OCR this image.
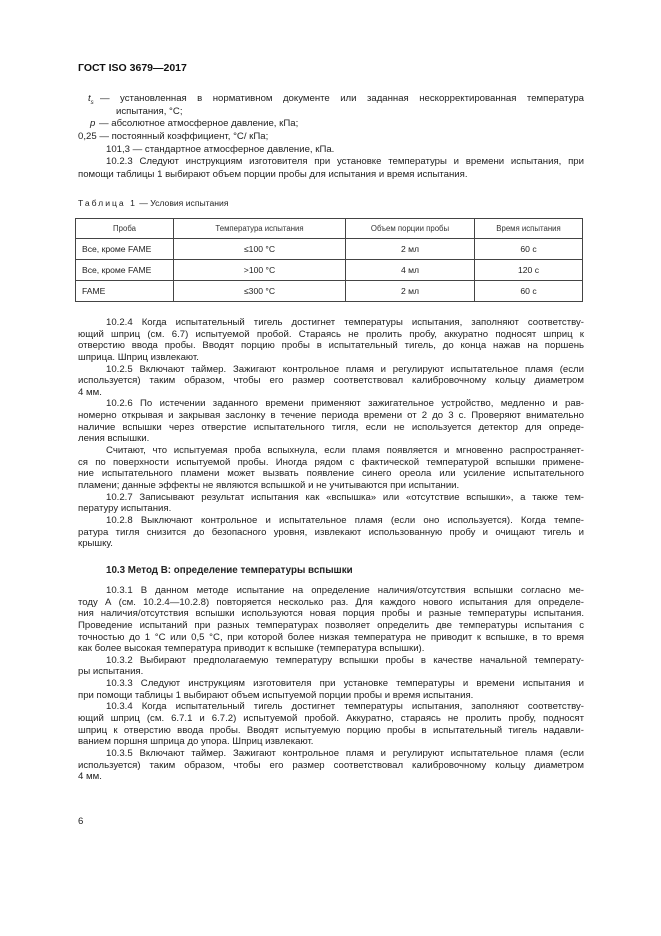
ГОСТ ISO 3679—2017
$t_s$ — установленная в нормативном документе или заданная нескорректированная температура
испытания, °С;
p — абсолютное атмосферное давление, кПа;
0,25 — постоянный коэффициент, °С/ кПа;
101,3 — стандартное атмосферное давление, кПа.
10.2.3 Следуют инструкциям изготовителя при установке температуры и времени испытания, при
помощи таблицы 1 выбирают объем порции пробы для испытания и время испытания.
Таблица 1 — Условия испытания
Проба	Температура испытания	Объем порции пробы	Время испытания
Все, кроме FAME	≤100 °С	2 мл	60 с
Все, кроме FAME	>100 °С	4 мл	120 с
FAME	≤300 °С	2 мл	60 с
10.2.4 Когда испытательный тигель достигнет температуры испытания, заполняют соответству-
ющий шприц (см. 6.7) испытуемой пробой. Стараясь не пролить пробу, аккуратно подносят шприц к
отверстию ввода пробы. Вводят порцию пробы в испытательный тигель, до конца нажав на поршень
шприца. Шприц извлекают.
10.2.5 Включают таймер. Зажигают контрольное пламя и регулируют испытательное пламя (если
используется) таким образом, чтобы его размер соответствовал калибровочному кольцу диаметром
4 мм.
10.2.6 По истечении заданного времени применяют зажигательное устройство, медленно и рав-
номерно открывая и закрывая заслонку в течение периода времени от 2 до 3 с. Проверяют внимательно
наличие вспышки через отверстие испытательного тигля, если не используется детектор для опреде-
ления вспышки.
Считают, что испытуемая проба вспыхнула, если пламя появляется и мгновенно распространяет-
ся по поверхности испытуемой пробы. Иногда рядом с фактической температурой вспышки примене-
ние испытательного пламени может вызвать появление синего ореола или усиление испытательного
пламени; данные эффекты не являются вспышкой и не учитываются при испытании.
10.2.7 Записывают результат испытания как «вспышка» или «отсутствие вспышки», а также тем-
пературу испытания.
10.2.8 Выключают контрольное и испытательное пламя (если оно используется). Когда темпе-
ратура тигля снизится до безопасного уровня, извлекают использованную пробу и очищают тигель и
крышку.
10.3 Метод В: определение температуры вспышки
10.3.1 В данном методе испытание на определение наличия/отсутствия вспышки согласно ме-
тоду А (см. 10.2.4—10.2.8) повторяется несколько раз. Для каждого нового испытания для определе-
ния наличия/отсутствия вспышки используются новая порция пробы и разные температуры испытания.
Проведение испытаний при разных температурах позволяет определить две температуры испытания с
точностью до 1 °С или 0,5 °С, при которой более низкая температура не приводит к вспышке, в то время
как более высокая температура приводит к вспышке (температура вспышки).
10.3.2 Выбирают предполагаемую температуру вспышки пробы в качестве начальной температу-
ры испытания.
10.3.3 Следуют инструкциям изготовителя при установке температуры и времени испытания и
при помощи таблицы 1 выбирают объем испытуемой порции пробы и время испытания.
10.3.4 Когда испытательный тигель достигнет температуры испытания, заполняют соответству-
ющий шприц (см. 6.7.1 и 6.7.2) испытуемой пробой. Аккуратно, стараясь не пролить пробу, подносят
шприц к отверстию ввода пробы. Вводят испытуемую порцию пробы в испытательный тигель надавли-
ванием поршня шприца до упора. Шприц извлекают.
10.3.5 Включают таймер. Зажигают контрольное пламя и регулируют испытательное пламя (если
используется) таким образом, чтобы его размер соответствовал калибровочному кольцу диаметром
4 мм.
6
